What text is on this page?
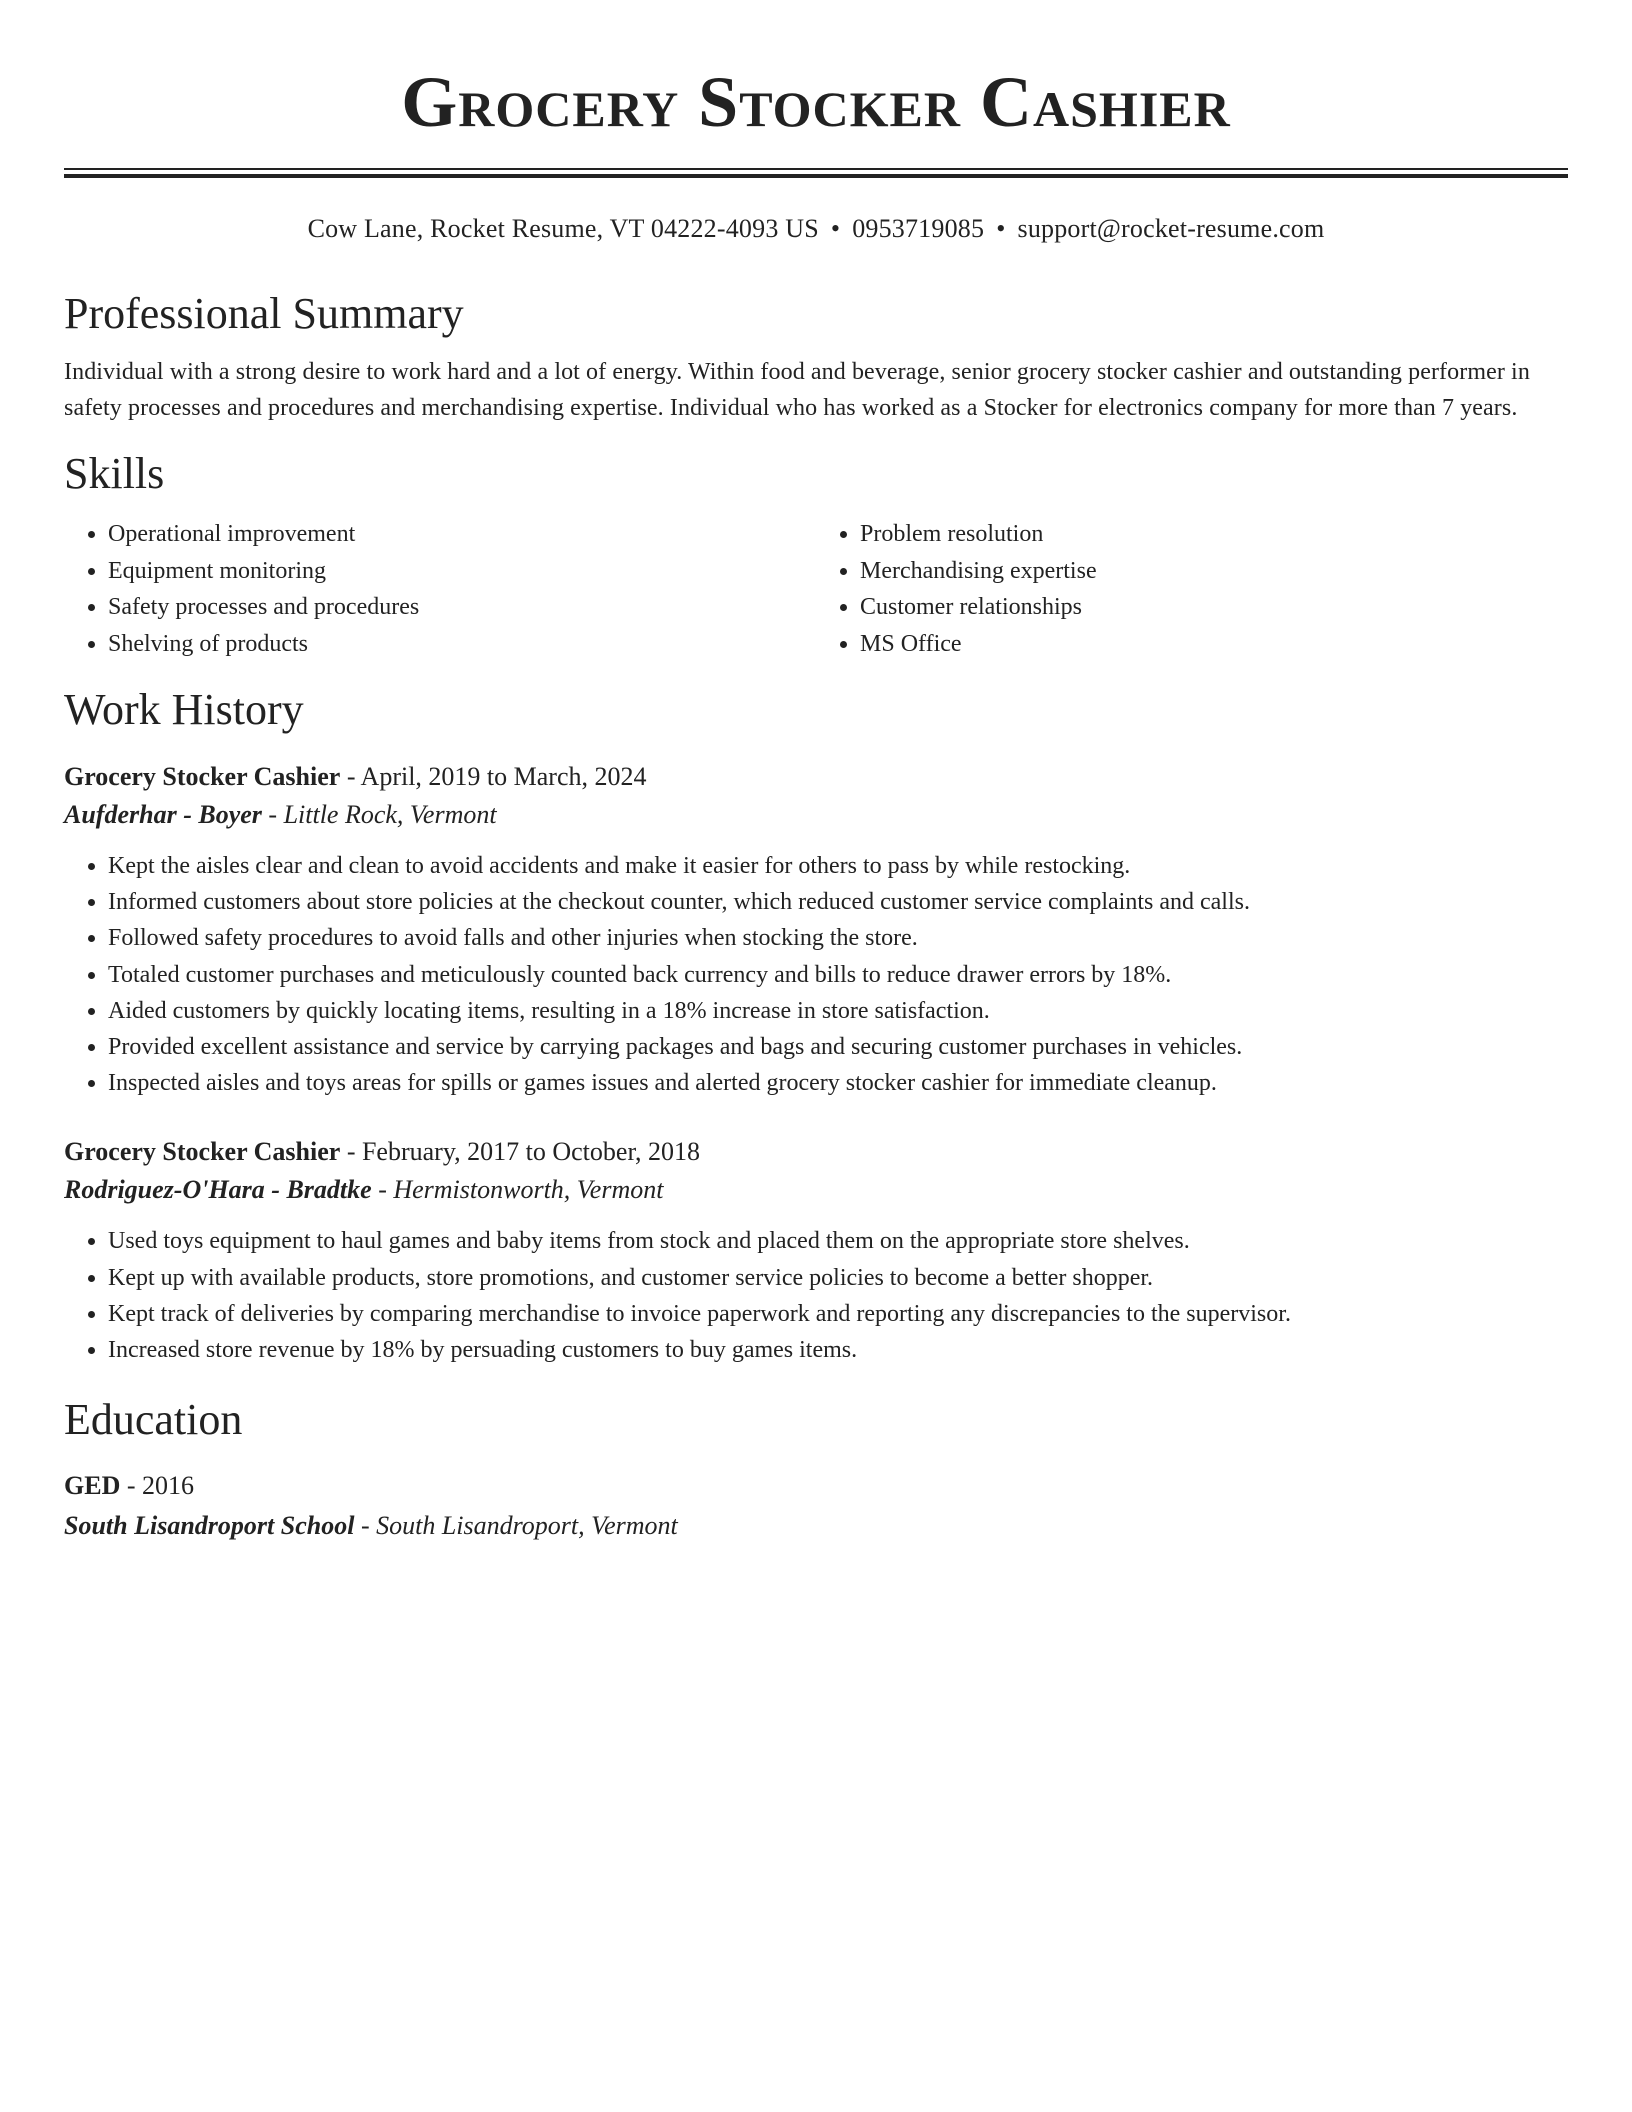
Grocery Stocker Cashier
Cow Lane, Rocket Resume, VT 04222-4093 US • 0953719085 • support@rocket-resume.com
Professional Summary
Individual with a strong desire to work hard and a lot of energy. Within food and beverage, senior grocery stocker cashier and outstanding performer in safety processes and procedures and merchandising expertise. Individual who has worked as a Stocker for electronics company for more than 7 years.
Skills
• Operational improvement
• Equipment monitoring
• Safety processes and procedures
• Shelving of products
• Problem resolution
• Merchandising expertise
• Customer relationships
• MS Office
Work History
Grocery Stocker Cashier - April, 2019 to March, 2024
Aufderhar - Boyer - Little Rock, Vermont
• Kept the aisles clear and clean to avoid accidents and make it easier for others to pass by while restocking.
• Informed customers about store policies at the checkout counter, which reduced customer service complaints and calls.
• Followed safety procedures to avoid falls and other injuries when stocking the store.
• Totaled customer purchases and meticulously counted back currency and bills to reduce drawer errors by 18%.
• Aided customers by quickly locating items, resulting in a 18% increase in store satisfaction.
• Provided excellent assistance and service by carrying packages and bags and securing customer purchases in vehicles.
• Inspected aisles and toys areas for spills or games issues and alerted grocery stocker cashier for immediate cleanup.
Grocery Stocker Cashier - February, 2017 to October, 2018
Rodriguez-O'Hara - Bradtke - Hermistonworth, Vermont
• Used toys equipment to haul games and baby items from stock and placed them on the appropriate store shelves.
• Kept up with available products, store promotions, and customer service policies to become a better shopper.
• Kept track of deliveries by comparing merchandise to invoice paperwork and reporting any discrepancies to the supervisor.
• Increased store revenue by 18% by persuading customers to buy games items.
Education
GED - 2016
South Lisandroport School - South Lisandroport, Vermont
